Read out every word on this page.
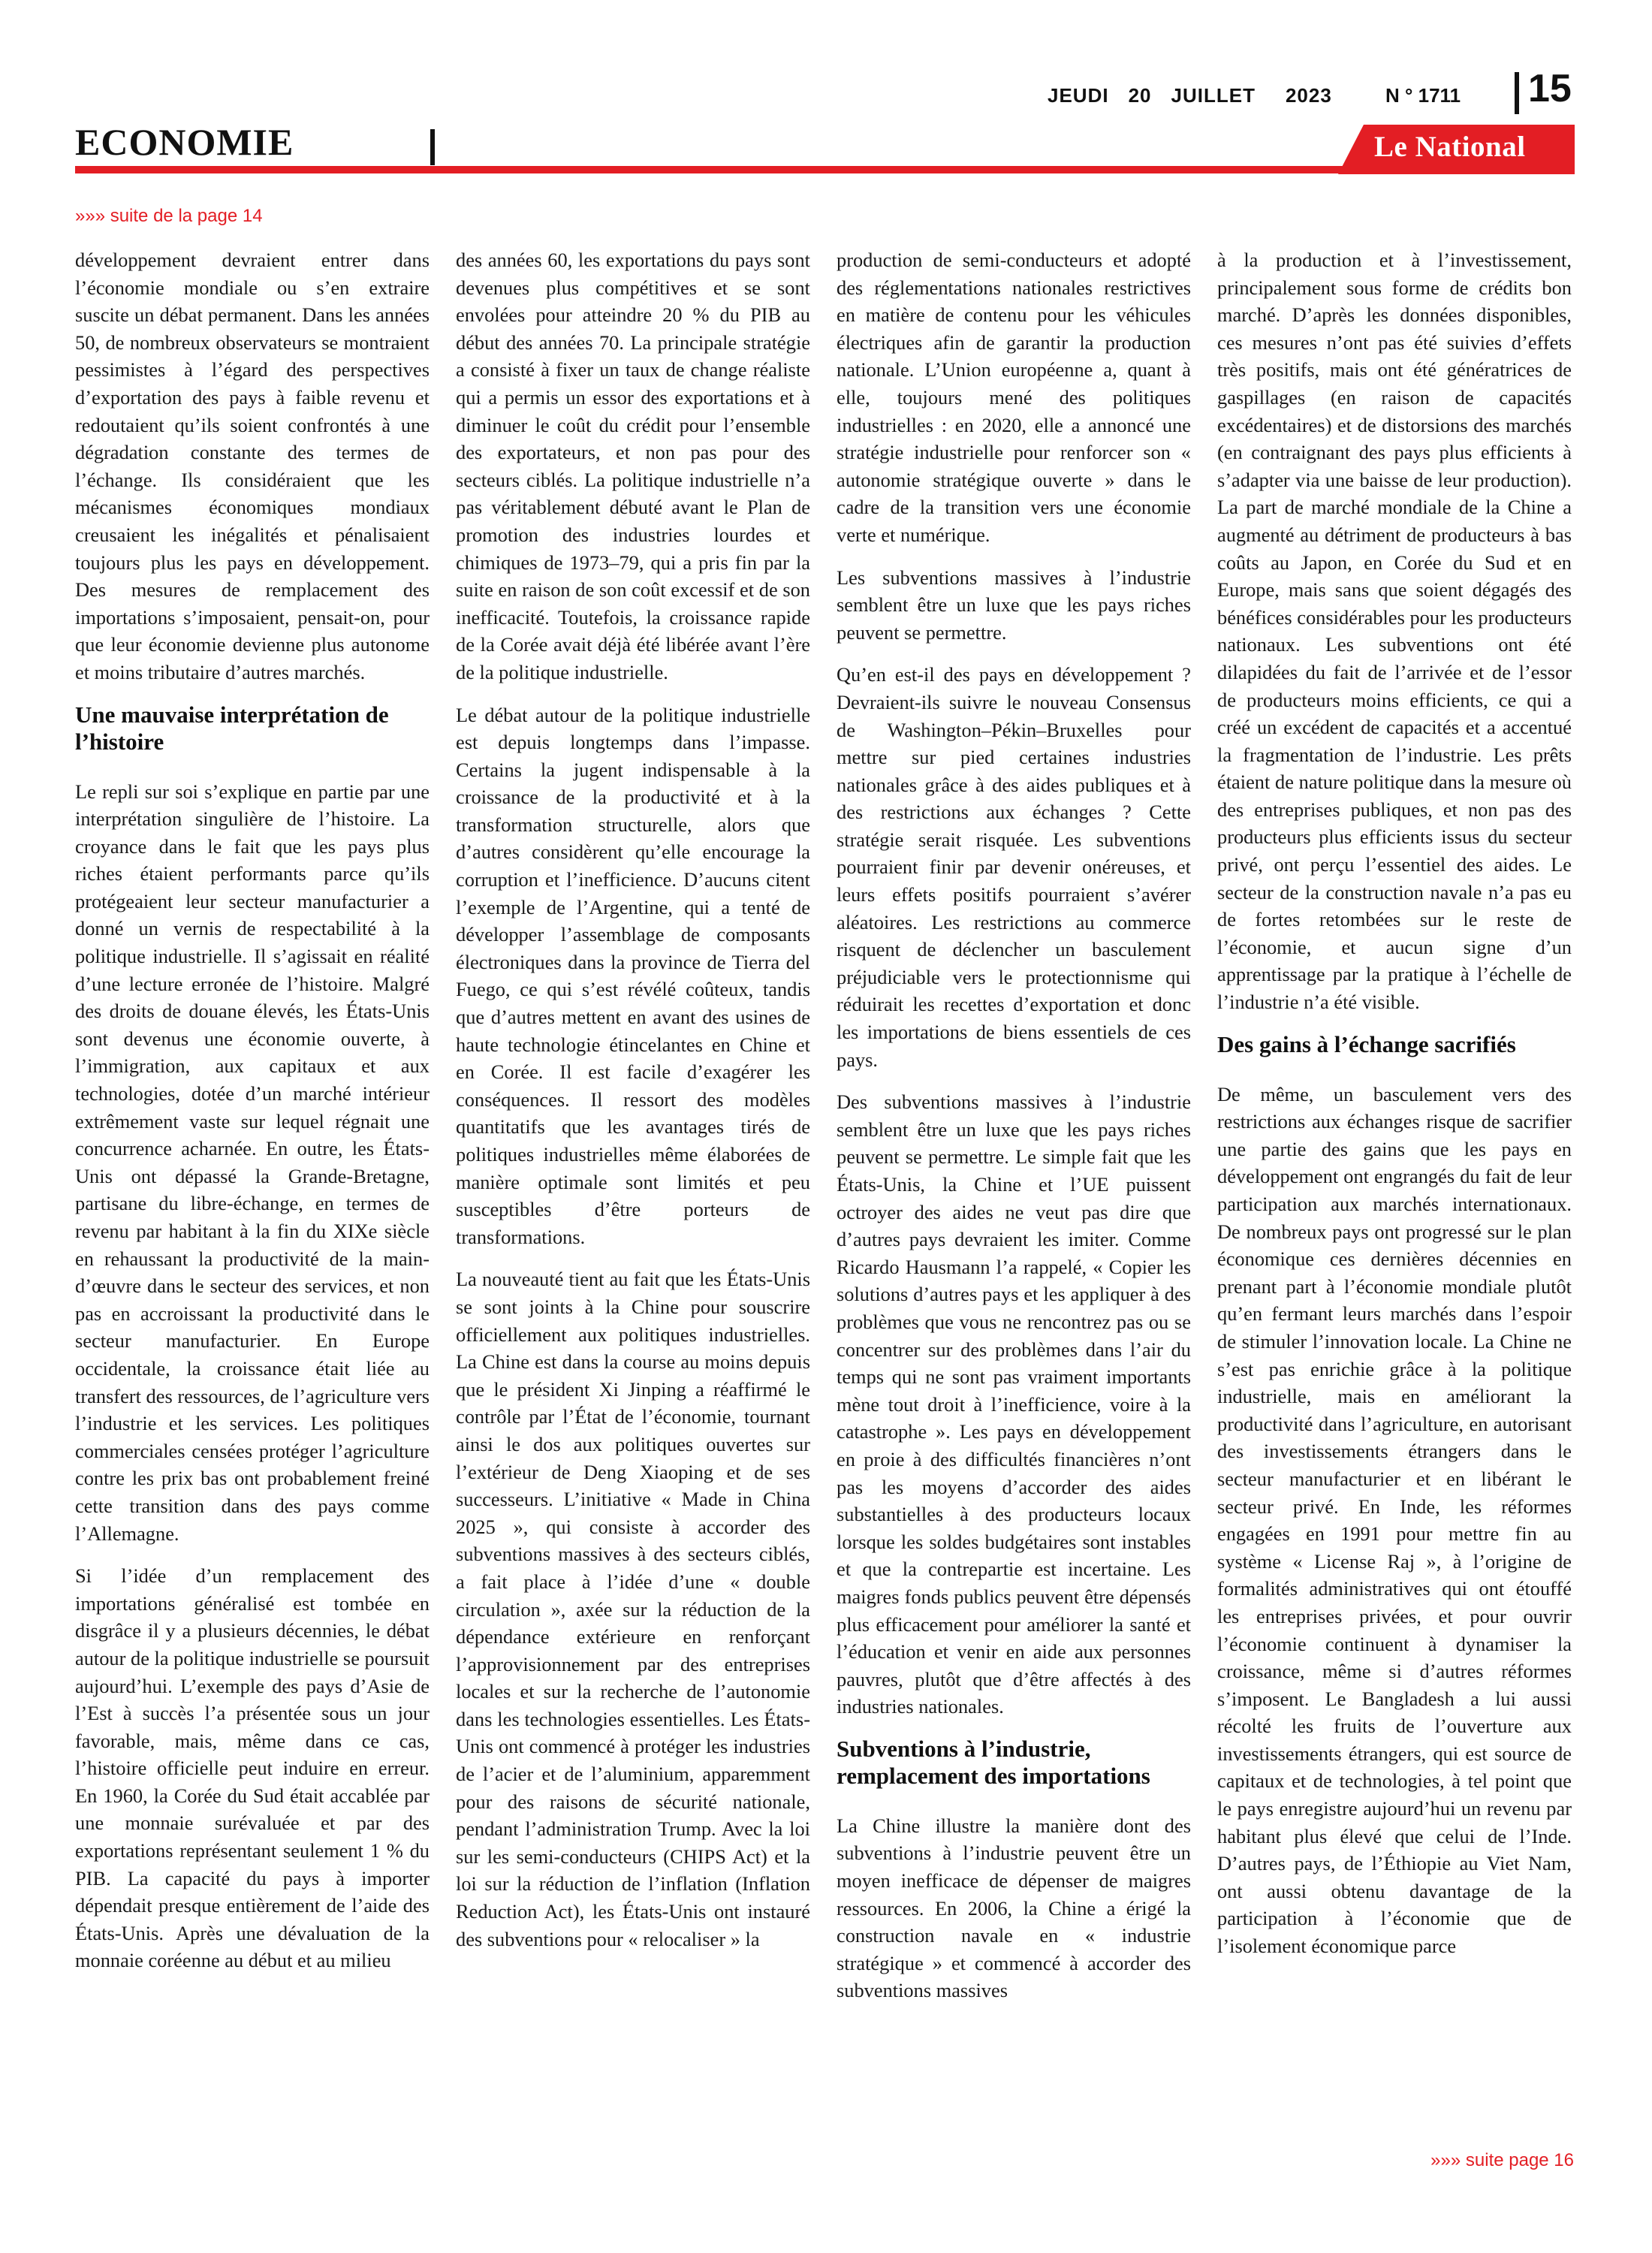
JEUDI 20 JUILLET 2023	N ° 1711 15
ECONOMIE	Le National
»»» suite de la page 14

développement devraient entrer dans l’économie mondiale ou s’en extraire suscite un débat permanent. Dans les années 50, de nombreux observateurs se montraient pessimistes à l’égard des perspectives d’exportation des pays à faible revenu et redoutaient qu’ils soient confrontés à une dégradation constante des termes de l’échange. Ils considéraient que les mécanismes économiques mondiaux creusaient les inégalités et pénalisaient toujours plus les pays en développement. Des mesures de remplacement des importations s’imposaient, pensait-on, pour que leur économie devienne plus autonome et moins tributaire d’autres marchés.

Une mauvaise interprétation de l’histoire

Le repli sur soi s’explique en partie par une interprétation singulière de l’histoire. La croyance dans le fait que les pays plus riches étaient performants parce qu’ils protégeaient leur secteur manufacturier a donné un vernis de respectabilité à la politique industrielle. Il s’agissait en réalité d’une lecture erronée de l’histoire. Malgré des droits de douane élevés, les États-Unis sont devenus une économie ouverte, à l’immigration, aux capitaux et aux technologies, dotée d’un marché intérieur extrêmement vaste sur lequel régnait une concurrence acharnée. En outre, les États-Unis ont dépassé la Grande-Bretagne, partisane du libre-échange, en termes de revenu par habitant à la fin du XIXe siècle en rehaussant la productivité de la main-d’œuvre dans le secteur des services, et non pas en accroissant la productivité dans le secteur manufacturier. En Europe occidentale, la croissance était liée au transfert des ressources, de l’agriculture vers l’industrie et les services. Les politiques commerciales censées protéger l’agriculture contre les prix bas ont probablement freiné cette transition dans des pays comme l’Allemagne.

Si l’idée d’un remplacement des importations généralisé est tombée en disgrâce il y a plusieurs décennies, le débat autour de la politique industrielle se poursuit aujourd’hui. L’exemple des pays d’Asie de l’Est à succès l’a présentée sous un jour favorable, mais, même dans ce cas, l’histoire officielle peut induire en erreur. En 1960, la Corée du Sud était accablée par une monnaie surévaluée et par des exportations représentant seulement 1 % du PIB. La capacité du pays à importer dépendait presque entièrement de l’aide des États-Unis. Après une dévaluation de la monnaie coréenne au début et au milieu

des années 60, les exportations du pays sont devenues plus compétitives et se sont envolées pour atteindre 20 % du PIB au début des années 70. La principale stratégie a consisté à fixer un taux de change réaliste qui a permis un essor des exportations et à diminuer le coût du crédit pour l’ensemble des exportateurs, et non pas pour des secteurs ciblés. La politique industrielle n’a pas véritablement débuté avant le Plan de promotion des industries lourdes et chimiques de 1973–79, qui a pris fin par la suite en raison de son coût excessif et de son inefficacité. Toutefois, la croissance rapide de la Corée avait déjà été libérée avant l’ère de la politique industrielle.

Le débat autour de la politique industrielle est depuis longtemps dans l’impasse. Certains la jugent indispensable à la croissance de la productivité et à la transformation structurelle, alors que d’autres considèrent qu’elle encourage la corruption et l’inefficience. D’aucuns citent l’exemple de l’Argentine, qui a tenté de développer l’assemblage de composants électroniques dans la province de Tierra del Fuego, ce qui s’est révélé coûteux, tandis que d’autres mettent en avant des usines de haute technologie étincelantes en Chine et en Corée. Il est facile d’exagérer les conséquences. Il ressort des modèles quantitatifs que les avantages tirés de politiques industrielles même élaborées de manière optimale sont limités et peu susceptibles d’être porteurs de transformations.

La nouveauté tient au fait que les États-Unis se sont joints à la Chine pour souscrire officiellement aux politiques industrielles. La Chine est dans la course au moins depuis que le président Xi Jinping a réaffirmé le contrôle par l’État de l’économie, tournant ainsi le dos aux politiques ouvertes sur l’extérieur de Deng Xiaoping et de ses successeurs. L’initiative « Made in China 2025 », qui consiste à accorder des subventions massives à des secteurs ciblés, a fait place à l’idée d’une « double circulation », axée sur la réduction de la dépendance extérieure en renforçant l’approvisionnement par des entreprises locales et sur la recherche de l’autonomie dans les technologies essentielles. Les États-Unis ont commencé à protéger les industries de l’acier et de l’aluminium, apparemment pour des raisons de sécurité nationale, pendant l’administration Trump. Avec la loi sur les semi-conducteurs (CHIPS Act) et la loi sur la réduction de l’inflation (Inflation Reduction Act), les États-Unis ont instauré des subventions pour « relocaliser » la

production de semi-conducteurs et adopté des réglementations nationales restrictives en matière de contenu pour les véhicules électriques afin de garantir la production nationale. L’Union européenne a, quant à elle, toujours mené des politiques industrielles : en 2020, elle a annoncé une stratégie industrielle pour renforcer son « autonomie stratégique ouverte » dans le cadre de la transition vers une économie verte et numérique.

Les subventions massives à l’industrie semblent être un luxe que les pays riches peuvent se permettre.

Qu’en est-il des pays en développement ? Devraient-ils suivre le nouveau Consensus de Washington–Pékin–Bruxelles pour mettre sur pied certaines industries nationales grâce à des aides publiques et à des restrictions aux échanges ? Cette stratégie serait risquée. Les subventions pourraient finir par devenir onéreuses, et leurs effets positifs pourraient s’avérer aléatoires. Les restrictions au commerce risquent de déclencher un basculement préjudiciable vers le protectionnisme qui réduirait les recettes d’exportation et donc les importations de biens essentiels de ces pays.

Des subventions massives à l’industrie semblent être un luxe que les pays riches peuvent se permettre. Le simple fait que les États-Unis, la Chine et l’UE puissent octroyer des aides ne veut pas dire que d’autres pays devraient les imiter. Comme Ricardo Hausmann l’a rappelé, « Copier les solutions d’autres pays et les appliquer à des problèmes que vous ne rencontrez pas ou se concentrer sur des problèmes dans l’air du temps qui ne sont pas vraiment importants mène tout droit à l’inefficience, voire à la catastrophe ». Les pays en développement en proie à des difficultés financières n’ont pas les moyens d’accorder des aides substantielles à des producteurs locaux lorsque les soldes budgétaires sont instables et que la contrepartie est incertaine. Les maigres fonds publics peuvent être dépensés plus efficacement pour améliorer la santé et l’éducation et venir en aide aux personnes pauvres, plutôt que d’être affectés à des industries nationales.

Subventions à l’industrie, remplacement des importations

La Chine illustre la manière dont des subventions à l’industrie peuvent être un moyen inefficace de dépenser de maigres ressources. En 2006, la Chine a érigé la construction navale en « industrie stratégique » et commencé à accorder des subventions massives

à la production et à l’investissement, principalement sous forme de crédits bon marché. D’après les données disponibles, ces mesures n’ont pas été suivies d’effets très positifs, mais ont été génératrices de gaspillages (en raison de capacités excédentaires) et de distorsions des marchés (en contraignant des pays plus efficients à s’adapter via une baisse de leur production). La part de marché mondiale de la Chine a augmenté au détriment de producteurs à bas coûts au Japon, en Corée du Sud et en Europe, mais sans que soient dégagés des bénéfices considérables pour les producteurs nationaux. Les subventions ont été dilapidées du fait de l’arrivée et de l’essor de producteurs moins efficients, ce qui a créé un excédent de capacités et a accentué la fragmentation de l’industrie. Les prêts étaient de nature politique dans la mesure où des entreprises publiques, et non pas des producteurs plus efficients issus du secteur privé, ont perçu l’essentiel des aides. Le secteur de la construction navale n’a pas eu de fortes retombées sur le reste de l’économie, et aucun signe d’un apprentissage par la pratique à l’échelle de l’industrie n’a été visible.

Des gains à l’échange sacrifiés

De même, un basculement vers des restrictions aux échanges risque de sacrifier une partie des gains que les pays en développement ont engrangés du fait de leur participation aux marchés internationaux. De nombreux pays ont progressé sur le plan économique ces dernières décennies en prenant part à l’économie mondiale plutôt qu’en fermant leurs marchés dans l’espoir de stimuler l’innovation locale. La Chine ne s’est pas enrichie grâce à la politique industrielle, mais en améliorant la productivité dans l’agriculture, en autorisant des investissements étrangers dans le secteur manufacturier et en libérant le secteur privé. En Inde, les réformes engagées en 1991 pour mettre fin au système « License Raj », à l’origine de formalités administratives qui ont étouffé les entreprises privées, et pour ouvrir l’économie continuent à dynamiser la croissance, même si d’autres réformes s’imposent. Le Bangladesh a lui aussi récolté les fruits de l’ouverture aux investissements étrangers, qui est source de capitaux et de technologies, à tel point que le pays enregistre aujourd’hui un revenu par habitant plus élevé que celui de l’Inde. D’autres pays, de l’Éthiopie au Viet Nam, ont aussi obtenu davantage de la participation à l’économie que de l’isolement économique parce

»»» suite page 16
